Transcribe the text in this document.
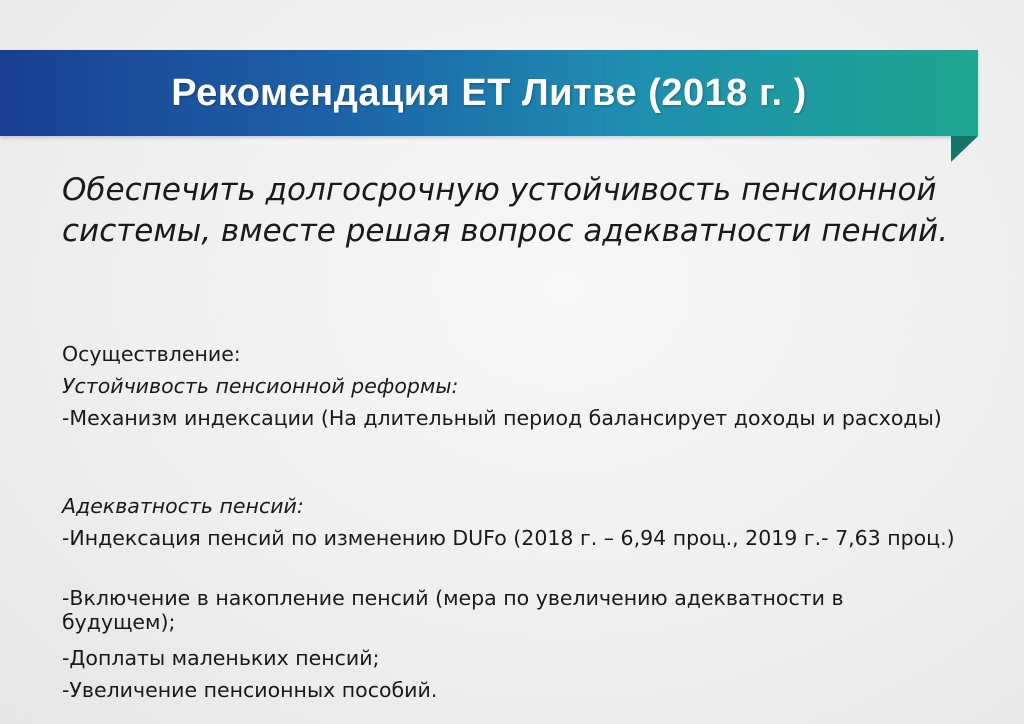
Рекомендация ЕТ Литве (2018 г. )
Обеспечить долгосрочную устойчивость пенсионной системы, вместе решая вопрос адекватности пенсий.

Осуществление:

Устойчивость пенсионной реформы:

-Механизм индексации (На длительный период балансирует доходы и расходы)

Адекватность пенсий:

-Индексация пенсий по изменению DUFo (2018 г. – 6,94 проц., 2019 г.- 7,63 проц.)

-Включение в накопление пенсий (мера по увеличению адекватности в будущем);

-Доплаты маленьких пенсий;

-Увеличение пенсионных пособий.
